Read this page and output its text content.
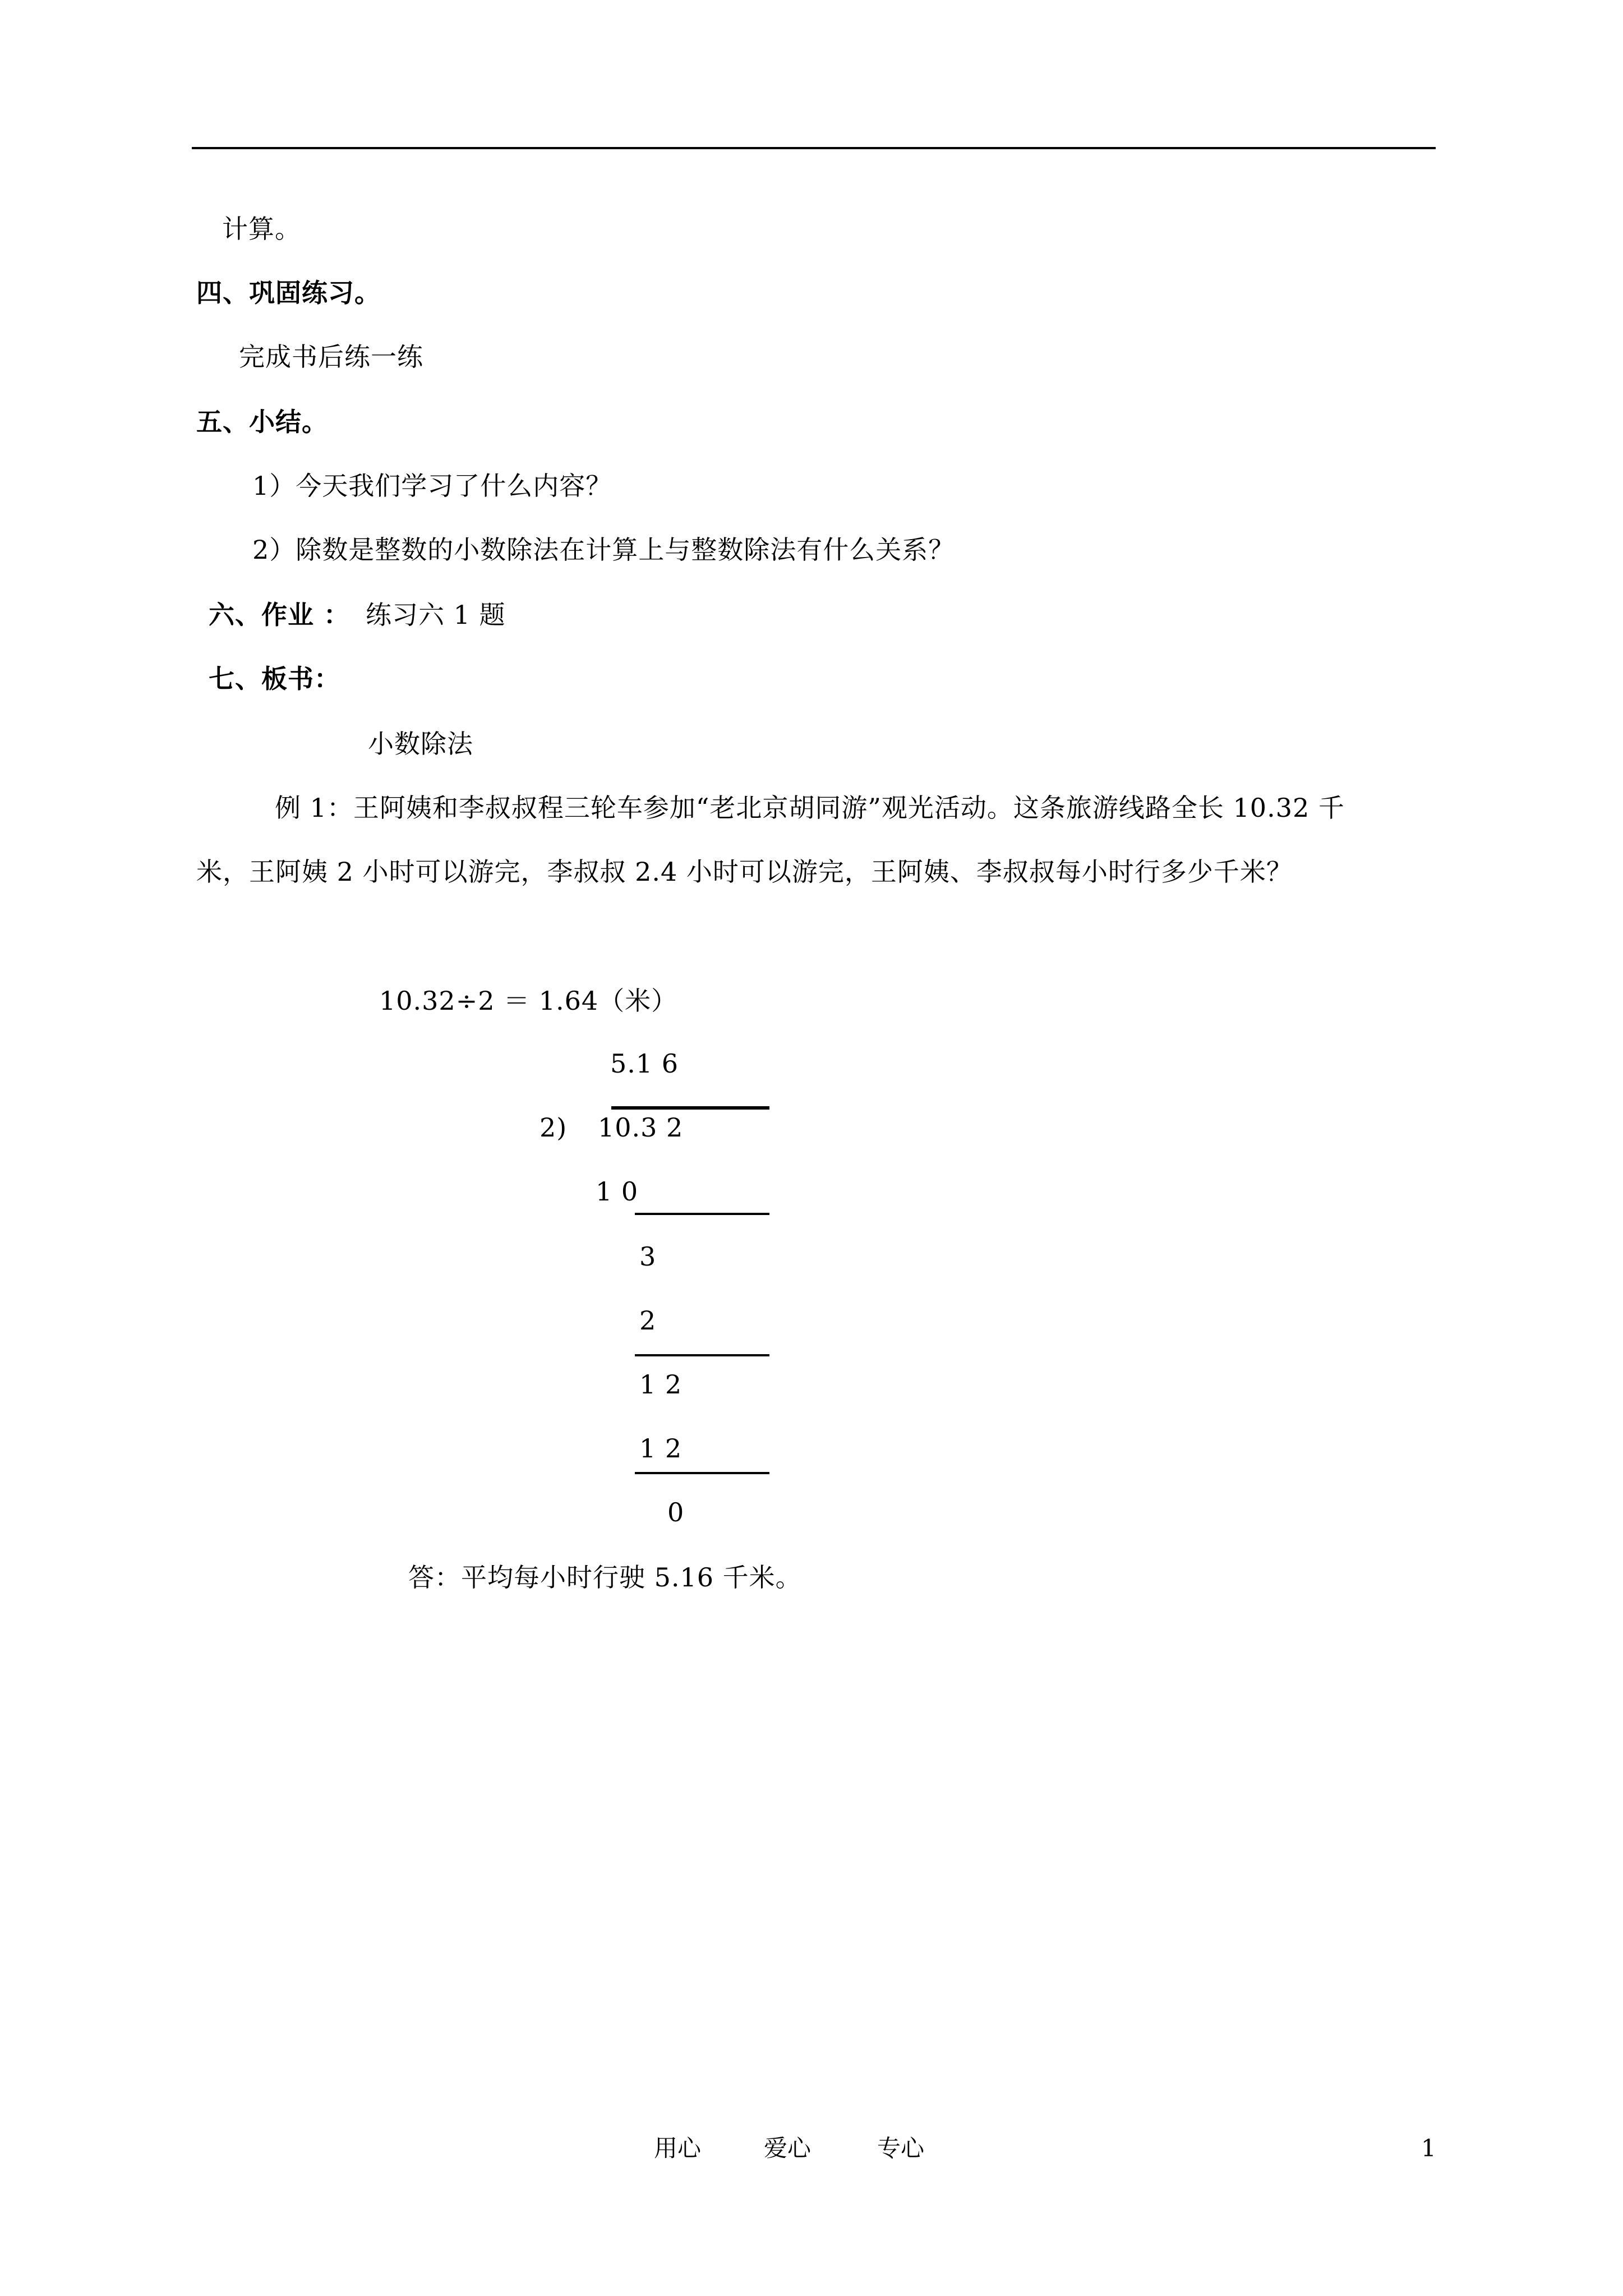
计算。
四、巩固练习。
完成书后练一练
五、小结。
1）今天我们学习了什么内容？
2）除数是整数的小数除法在计算上与整数除法有什么关系？
六、作业 ： 练习六 1 题
七、板书：
小数除法
例 1：王阿姨和李叔叔程三轮车参加“老北京胡同游”观光活动。这条旅游线路全长 10.32 千
米，王阿姨 2 小时可以游完，李叔叔 2.4 小时可以游完，王阿姨、李叔叔每小时行多少千米？
10.32÷2 ＝ 1.64（米）
5.1 6
2) 10.3 2
1 0
3
2
1 2
1 2
0
答：平均每小时行驶 5.16 千米。
用心	爱心	专心	1
